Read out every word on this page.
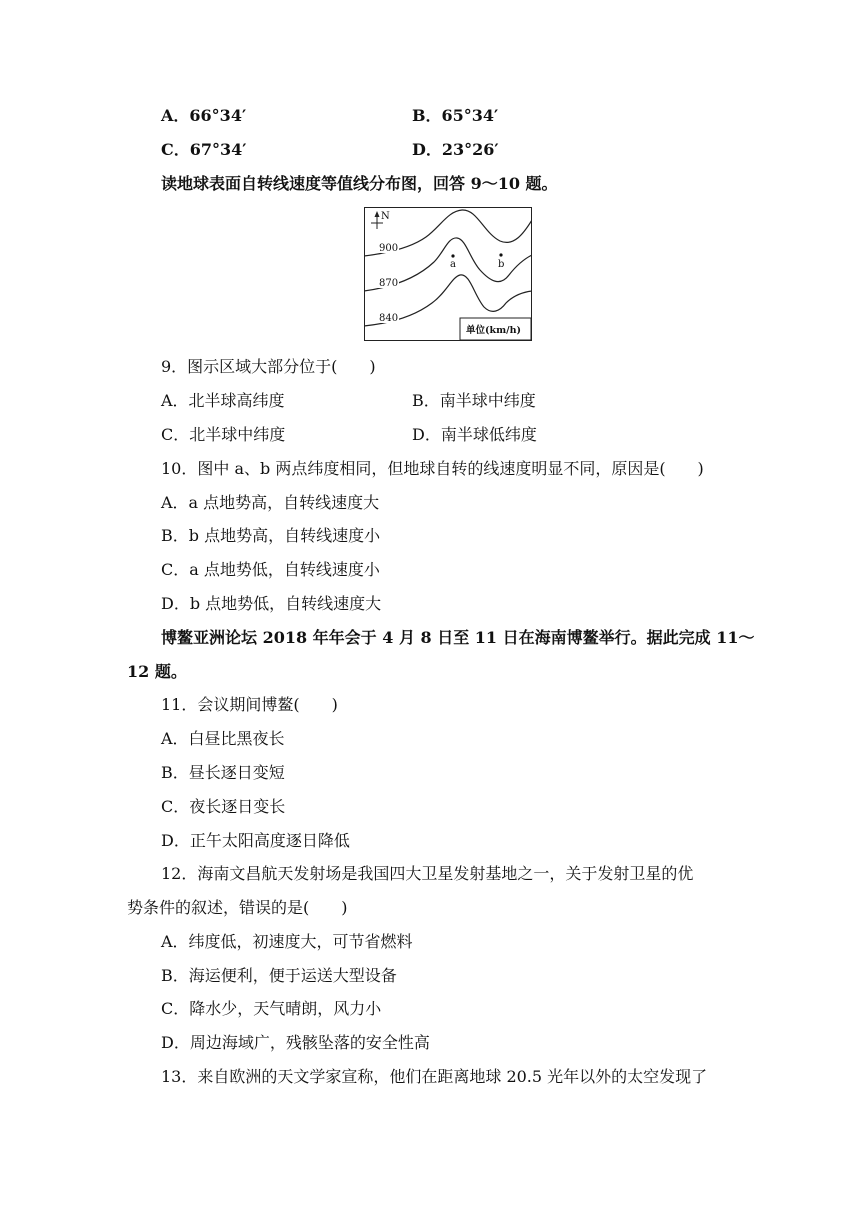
A．66°34′	B．65°34′
C．67°34′	D．23°26′
读地球表面自转线速度等值线分布图，回答 9～10 题。
N
900
870
840
a	b
单位(km/h)
9．图示区域大部分位于(　　)
A．北半球高纬度	B．南半球中纬度
C．北半球中纬度	D．南半球低纬度
10．图中 a、b 两点纬度相同，但地球自转的线速度明显不同，原因是(　　)
A．a 点地势高，自转线速度大
B．b 点地势高，自转线速度小
C．a 点地势低，自转线速度小
D．b 点地势低，自转线速度大
博鳌亚洲论坛 2018 年年会于 4 月 8 日至 11 日在海南博鳌举行。据此完成 11～
12 题。
11．会议期间博鳌(　　)
A．白昼比黑夜长
B．昼长逐日变短
C．夜长逐日变长
D．正午太阳高度逐日降低
12．海南文昌航天发射场是我国四大卫星发射基地之一，关于发射卫星的优
势条件的叙述，错误的是(　　)
A．纬度低，初速度大，可节省燃料
B．海运便利，便于运送大型设备
C．降水少，天气晴朗，风力小
D．周边海域广，残骸坠落的安全性高
13．来自欧洲的天文学家宣称，他们在距离地球 20.5 光年以外的太空发现了
